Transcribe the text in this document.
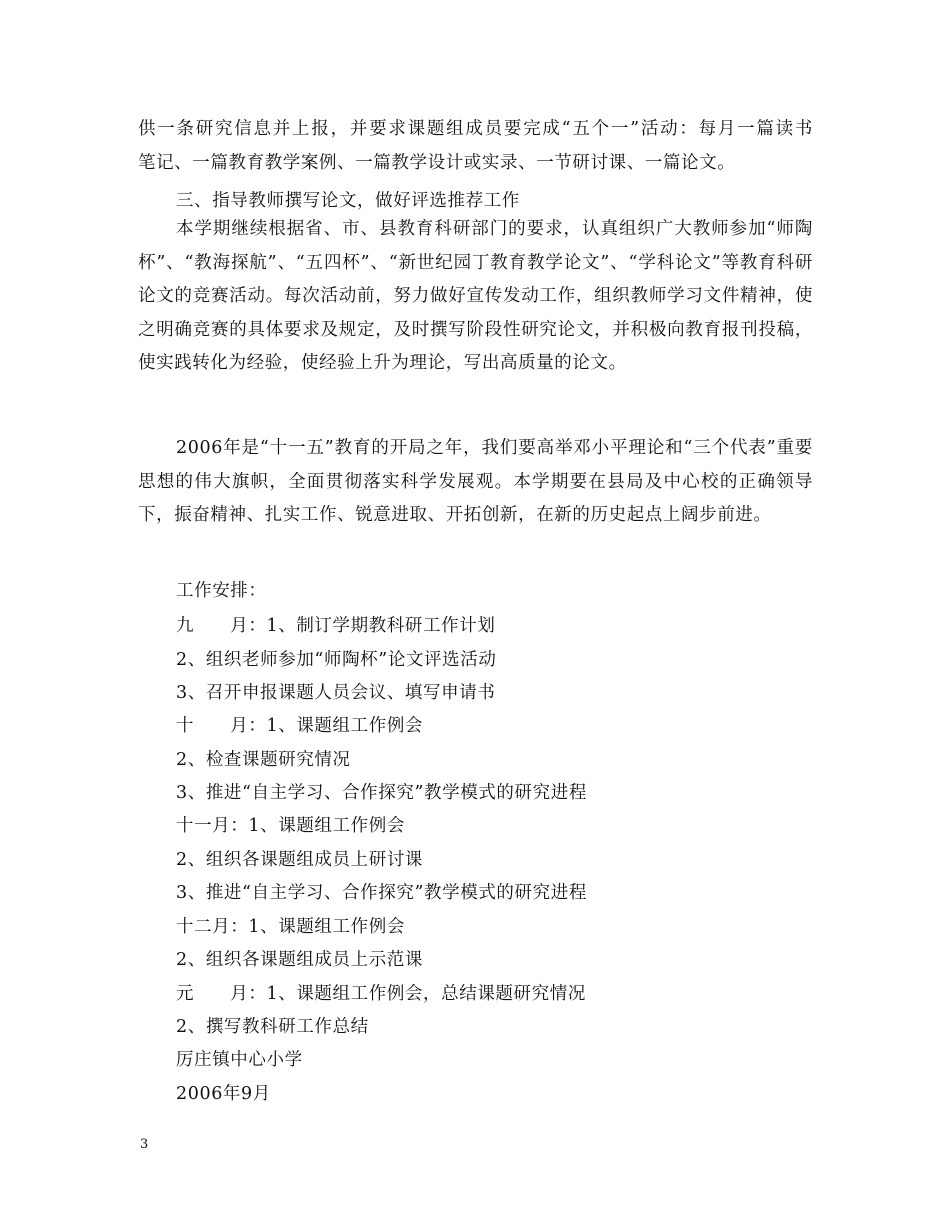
供一条研究信息并上报，并要求课题组成员要完成“五个一”活动：每月一篇读书

笔记、一篇教育教学案例、一篇教学设计或实录、一节研讨课、一篇论文。

三、指导教师撰写论文，做好评选推荐工作

本学期继续根据省、市、县教育科研部门的要求，认真组织广大教师参加“师陶杯”、“教海探航”、“五四杯”、“新世纪园丁教育教学论文”、“学科论文”等教育科研论文的竞赛活动。每次活动前，努力做好宣传发动工作，组织教师学习文件精神，使之明确竞赛的具体要求及规定，及时撰写阶段性研究论文，并积极向教育报刊投稿，使实践转化为经验，使经验上升为理论，写出高质量的论文。

2006年是“十一五”教育的开局之年，我们要高举邓小平理论和“三个代表”重要思想的伟大旗帜，全面贯彻落实科学发展观。本学期要在县局及中心校的正确领导下，振奋精神、扎实工作、锐意进取、开拓创新，在新的历史起点上阔步前进。

工作安排：
九　　月：1、制订学期教科研工作计划
2、组织老师参加“师陶杯”论文评选活动
3、召开申报课题人员会议、填写申请书
十　　月：1、课题组工作例会
2、检查课题研究情况
3、推进“自主学习、合作探究”教学模式的研究进程
十一月：1、课题组工作例会
2、组织各课题组成员上研讨课
3、推进“自主学习、合作探究”教学模式的研究进程
十二月：1、课题组工作例会
2、组织各课题组成员上示范课
元　　月：1、课题组工作例会，总结课题研究情况
2、撰写教科研工作总结
厉庄镇中心小学
2006年9月
3
